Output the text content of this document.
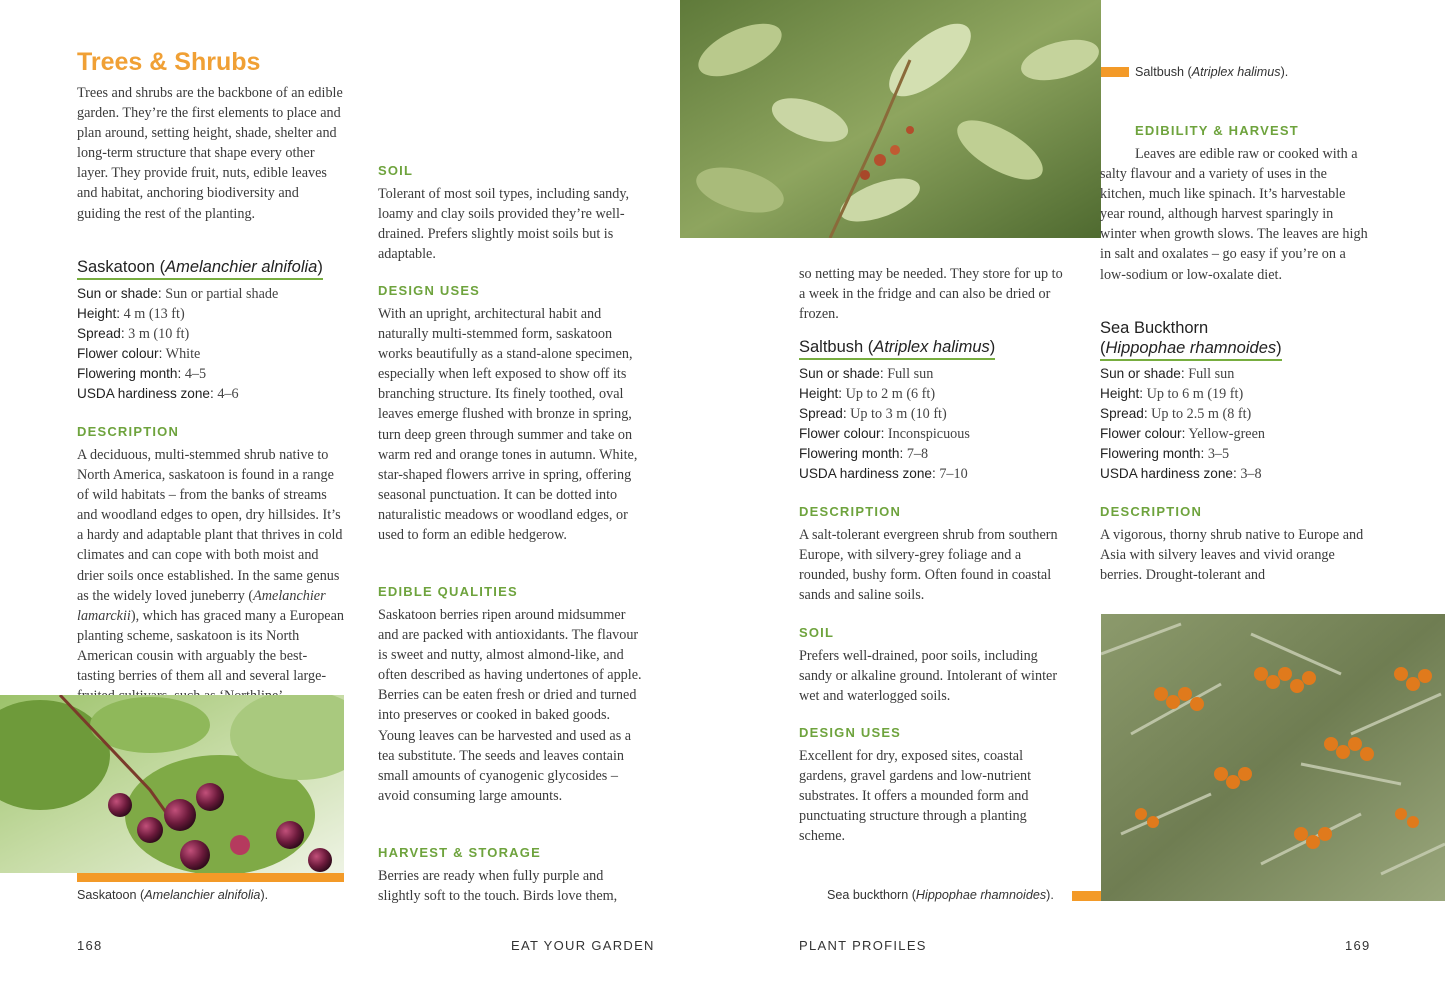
Trees & Shrubs

Trees and shrubs are the backbone of an edible garden. They’re the first elements to place and plan around, setting height, shade, shelter and long-term structure that shape every other layer. They provide fruit, nuts, edible leaves and habitat, anchoring biodiversity and guiding the rest of the planting.

Saskatoon (Amelanchier alnifolia)
Sun or shade: Sun or partial shade
Height: 4 m (13 ft)
Spread: 3 m (10 ft)
Flower colour: White
Flowering month: 4–5
USDA hardiness zone: 4–6
DESCRIPTION

A deciduous, multi-stemmed shrub native to North America, saskatoon is found in a range of wild habitats – from the banks of streams and woodland edges to open, dry hillsides. It’s a hardy and adaptable plant that thrives in cold climates and can cope with both moist and drier soils once established. In the same genus as the widely loved juneberry (Amelanchier lamarckii), which has graced many a European planting scheme, saskatoon is its North American cousin with arguably the best-tasting berries of them all and several large-

SOIL

Tolerant of most soil types, including sandy, loamy and clay soils provided they’re well-drained. Prefers slightly moist soils but is adaptable.

DESIGN USES

With an upright, architectural habit and naturally multi-stemmed form, saskatoon works beautifully as a stand-alone specimen, especially when left exposed to show off its branching structure. Its finely toothed, oval leaves emerge flushed with bronze in spring, turn deep green through summer and take on warm red and orange tones in autumn. White, star-shaped flowers arrive in spring, offering seasonal punctuation. It can be dotted into naturalistic meadows or woodland edges, or used to form an edible hedgerow.

EDIBLE QUALITIES

Saskatoon berries ripen around midsummer and are packed with antioxidants. The flavour is sweet and nutty, almost almond-like, and often described as having undertones of apple. Berries can be eaten fresh or dried and turned into preserves or cooked in baked goods. Young leaves can be harvested and used as a tea substitute. The seeds and leaves contain small amounts of cyanogenic glycosides – avoid consuming large amounts.

HARVEST & STORAGE

Berries are ready when fully purple and slightly soft to the touch. Birds love them,

Saskatoon (Amelanchier alnifolia).
168	EAT YOUR GARDEN
Saltbush (Atriplex halimus).

so netting may be needed. They store for up to a week in the fridge and can also be dried or frozen.

Saltbush (Atriplex halimus)
Sun or shade: Full sun
Height: Up to 2 m (6 ft)
Spread: Up to 3 m (10 ft)
Flower colour: Inconspicuous
Flowering month: 7–8
USDA hardiness zone: 7–10
DESCRIPTION

A salt-tolerant evergreen shrub from southern Europe, with silvery-grey foliage and a rounded, bushy form. Often found in coastal sands and saline soils.

SOIL

Prefers well-drained, poor soils, including sandy or alkaline ground. Intolerant of winter wet and waterlogged soils.

DESIGN USES

Excellent for dry, exposed sites, coastal gardens, gravel gardens and low-nutrient substrates. It offers a mounded form and punctuating structure through a planting scheme.

EDIBILITY & HARVEST

Leaves are edible raw or cooked with a salty flavour and a variety of uses in the kitchen, much like spinach. It’s harvestable year round, although harvest sparingly in winter when growth slows. The leaves are high in salt and oxalates – go easy if you’re on a low-sodium or low-oxalate diet.

Sea Buckthorn
(Hippophae rhamnoides)
Sun or shade: Full sun
Height: Up to 6 m (19 ft)
Spread: Up to 2.5 m (8 ft)
Flower colour: Yellow-green
Flowering month: 3–5
USDA hardiness zone: 3–8
DESCRIPTION

A vigorous, thorny shrub native to Europe and Asia with silvery leaves and vivid orange berries. Drought-tolerant and

Sea buckthorn (Hippophae rhamnoides).
PLANT PROFILES	169
